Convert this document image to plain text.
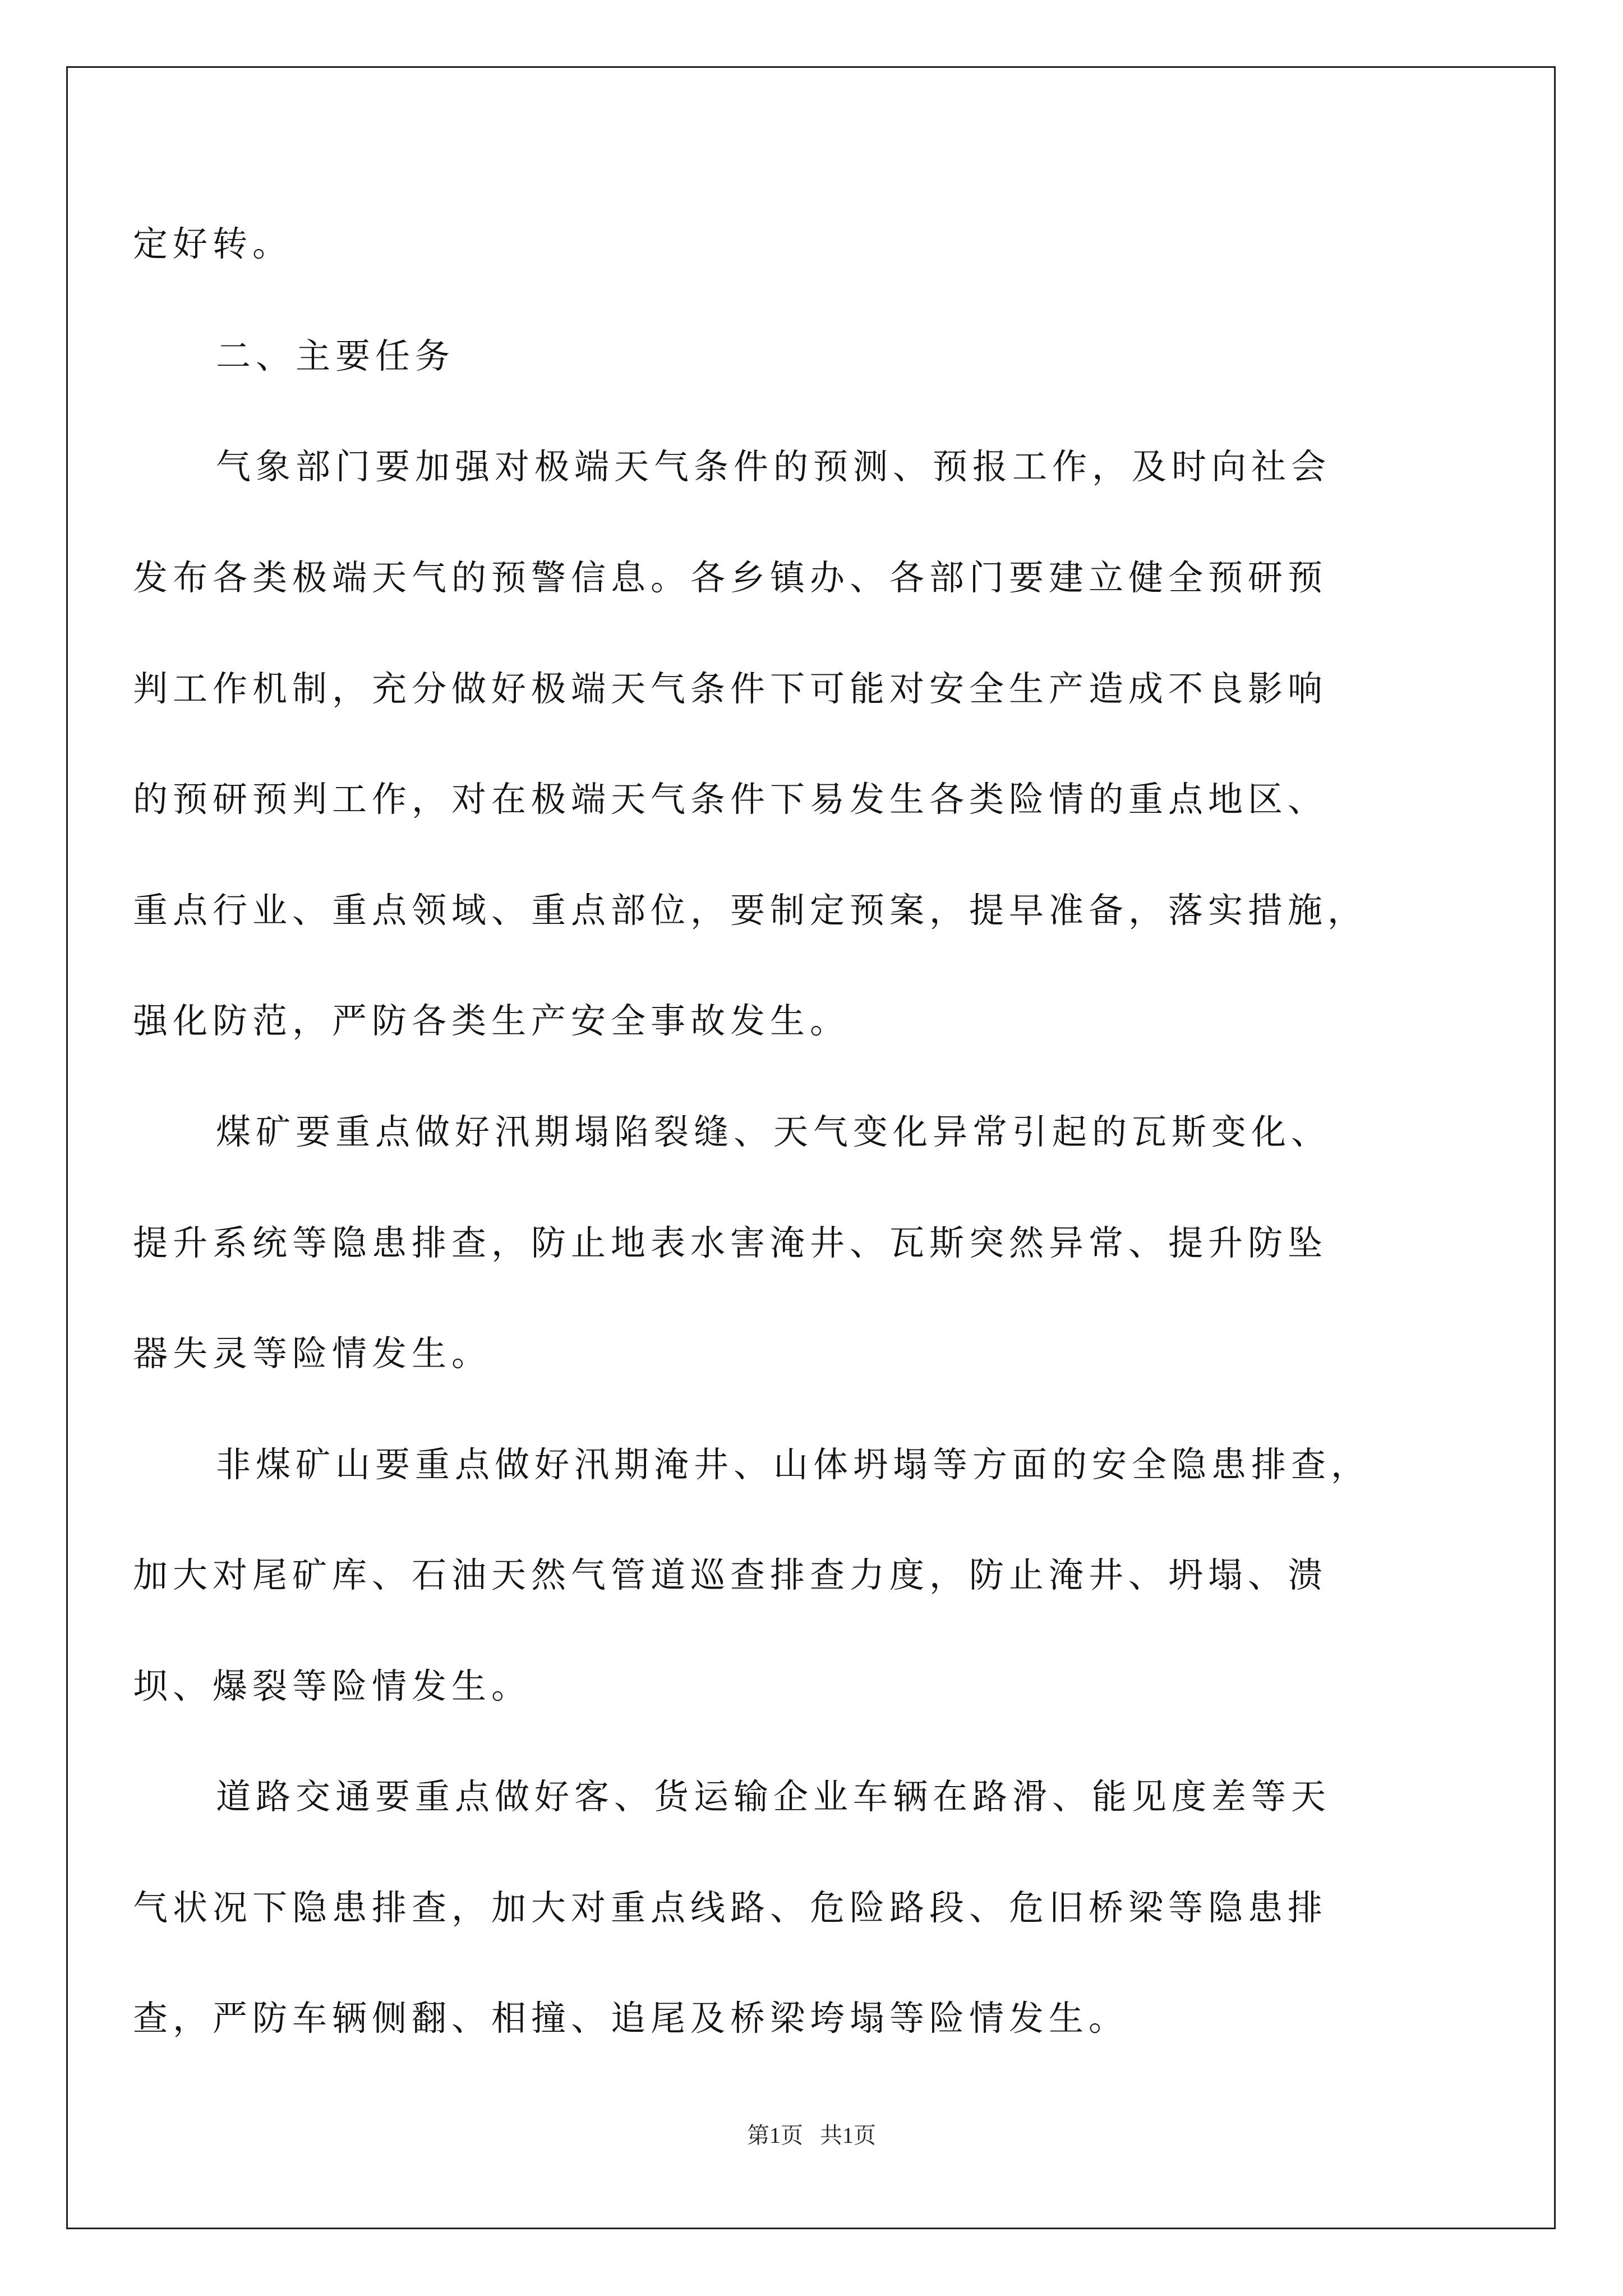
定好转。
二、主要任务
气象部门要加强对极端天气条件的预测、预报工作，及时向社会
发布各类极端天气的预警信息。各乡镇办、各部门要建立健全预研预
判工作机制，充分做好极端天气条件下可能对安全生产造成不良影响
的预研预判工作，对在极端天气条件下易发生各类险情的重点地区、
重点行业、重点领域、重点部位，要制定预案，提早准备，落实措施，
强化防范，严防各类生产安全事故发生。
煤矿要重点做好汛期塌陷裂缝、天气变化异常引起的瓦斯变化、
提升系统等隐患排查，防止地表水害淹井、瓦斯突然异常、提升防坠
器失灵等险情发生。
非煤矿山要重点做好汛期淹井、山体坍塌等方面的安全隐患排查，
加大对尾矿库、石油天然气管道巡查排查力度，防止淹井、坍塌、溃
坝、爆裂等险情发生。
道路交通要重点做好客、货运输企业车辆在路滑、能见度差等天
气状况下隐患排查，加大对重点线路、危险路段、危旧桥梁等隐患排
查，严防车辆侧翻、相撞、追尾及桥梁垮塌等险情发生。
第1页   共1页
